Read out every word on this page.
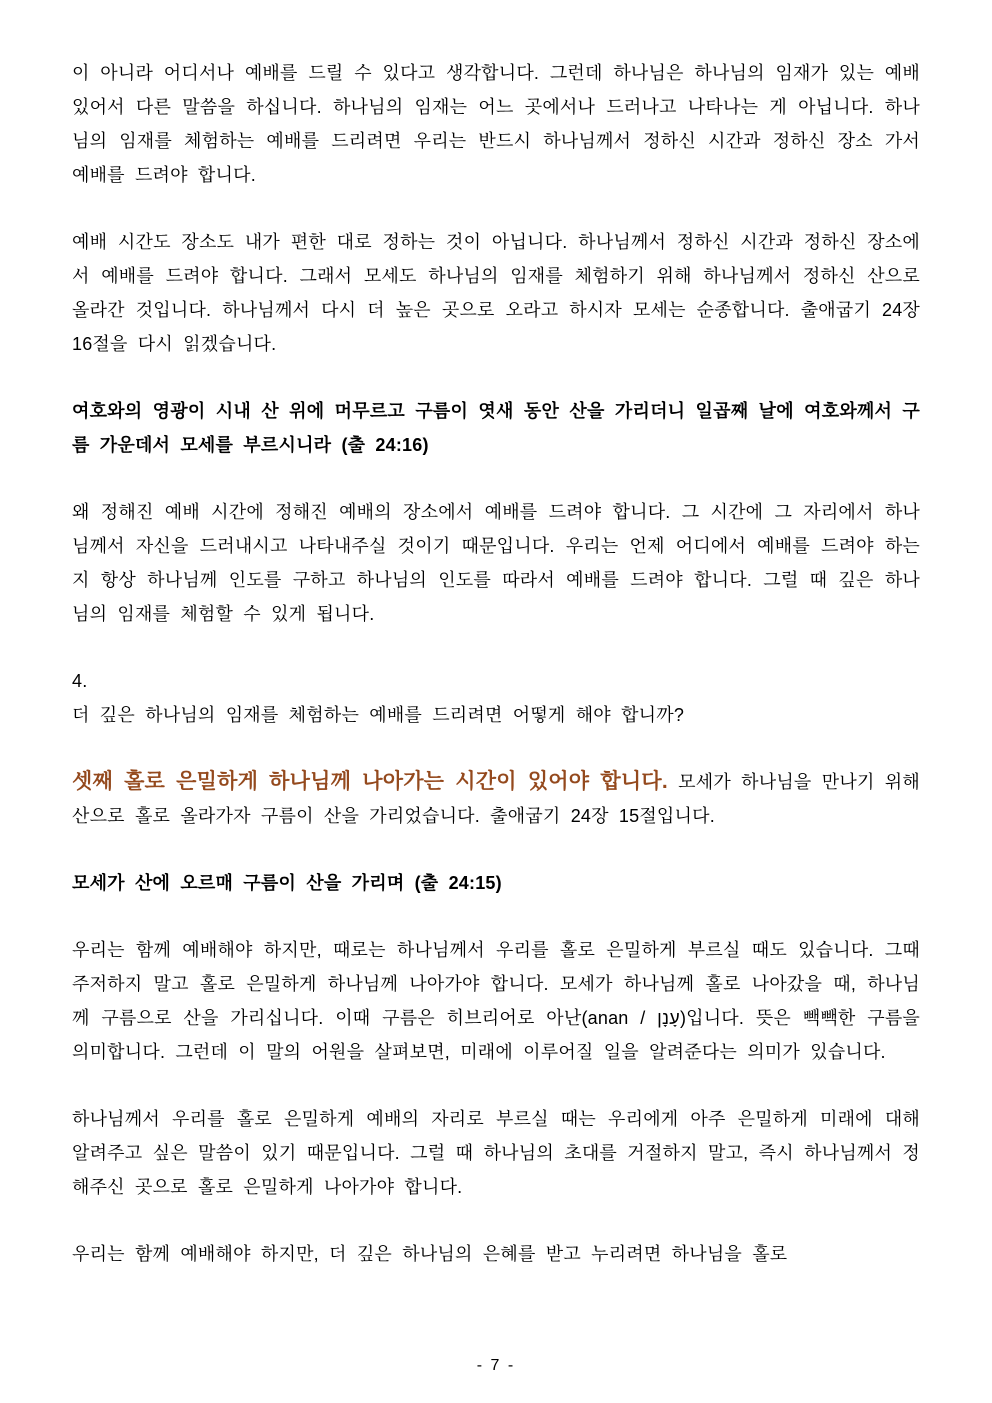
이 아니라 어디서나 예배를 드릴 수 있다고 생각합니다. 그런데 하나님은 하나님의 임재가 있는 예배 있어서 다른 말씀을 하십니다. 하나님의 임재는 어느 곳에서나 드러나고 나타나는 게 아닙니다. 하나님의 임재를 체험하는 예배를 드리려면 우리는 반드시 하나님께서 정하신 시간과 정하신 장소 가서 예배를 드려야 합니다.

예배 시간도 장소도 내가 편한 대로 정하는 것이 아닙니다. 하나님께서 정하신 시간과 정하신 장소에서 예배를 드려야 합니다. 그래서 모세도 하나님의 임재를 체험하기 위해 하나님께서 정하신 산으로 올라간 것입니다. 하나님께서 다시 더 높은 곳으로 오라고 하시자 모세는 순종합니다. 출애굽기 24장 16절을 다시 읽겠습니다.

여호와의 영광이 시내 산 위에 머무르고 구름이 엿새 동안 산을 가리더니 일곱째 날에 여호와께서 구름 가운데서 모세를 부르시니라 (출 24:16)

왜 정해진 예배 시간에 정해진 예배의 장소에서 예배를 드려야 합니다. 그 시간에 그 자리에서 하나님께서 자신을 드러내시고 나타내주실 것이기 때문입니다. 우리는 언제 어디에서 예배를 드려야 하는지 항상 하나님께 인도를 구하고 하나님의 인도를 따라서 예배를 드려야 합니다. 그럴 때 깊은 하나님의 임재를 체험할 수 있게 됩니다.

4.
더 깊은 하나님의 임재를 체험하는 예배를 드리려면 어떻게 해야 합니까?

셋째 홀로 은밀하게 하나님께 나아가는 시간이 있어야 합니다. 모세가 하나님을 만나기 위해 산으로 홀로 올라가자 구름이 산을 가리었습니다. 출애굽기 24장 15절입니다.

모세가 산에 오르매 구름이 산을 가리며 (출 24:15)

우리는 함께 예배해야 하지만, 때로는 하나님께서 우리를 홀로 은밀하게 부르실 때도 있습니다. 그때 주저하지 말고 홀로 은밀하게 하나님께 나아가야 합니다. 모세가 하나님께 홀로 나아갔을 때, 하나님께 구름으로 산을 가리십니다. 이때 구름은 히브리어로 아난(anan / עָנָן)입니다. 뜻은 빽빽한 구름을 의미합니다. 그런데 이 말의 어원을 살펴보면, 미래에 이루어질 일을 알려준다는 의미가 있습니다.

하나님께서 우리를 홀로 은밀하게 예배의 자리로 부르실 때는 우리에게 아주 은밀하게 미래에 대해 알려주고 싶은 말씀이 있기 때문입니다. 그럴 때 하나님의 초대를 거절하지 말고, 즉시 하나님께서 정해주신 곳으로 홀로 은밀하게 나아가야 합니다.

우리는 함께 예배해야 하지만, 더 깊은 하나님의 은혜를 받고 누리려면 하나님을 홀로

- 7 -
